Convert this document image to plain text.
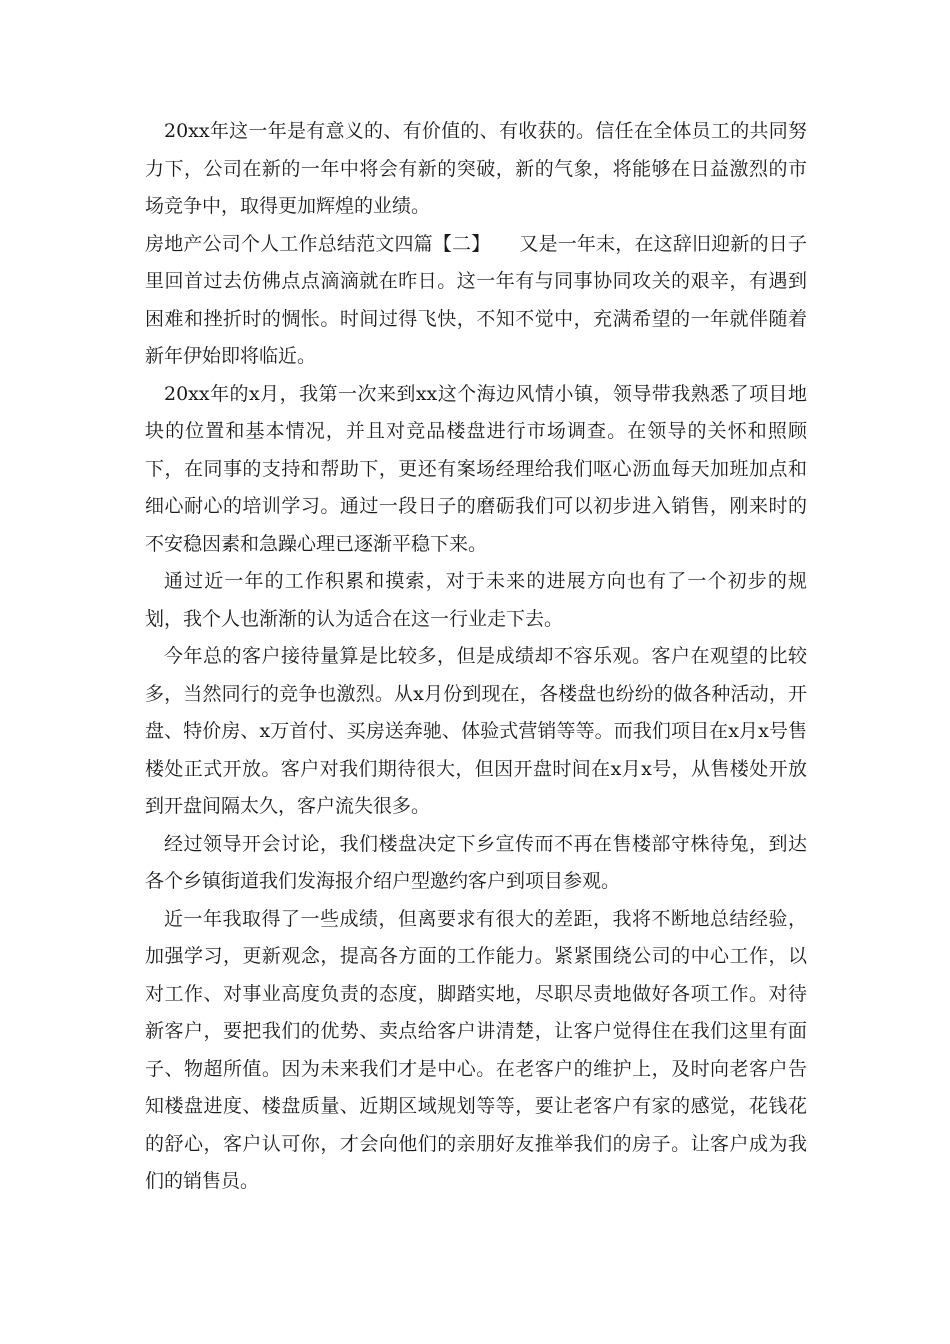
20xx年这一年是有意义的、有价值的、有收获的。信任在全体员工的共同努力下，公司在新的一年中将会有新的突破，新的气象，将能够在日益激烈的市场竞争中，取得更加辉煌的业绩。

房地产公司个人工作总结范文四篇【二】　　又是一年末，在这辞旧迎新的日子里回首过去仿佛点点滴滴就在昨日。这一年有与同事协同攻关的艰辛，有遇到困难和挫折时的惆怅。时间过得飞快，不知不觉中，充满希望的一年就伴随着新年伊始即将临近。

20xx年的x月，我第一次来到xx这个海边风情小镇，领导带我熟悉了项目地块的位置和基本情况，并且对竞品楼盘进行市场调查。在领导的关怀和照顾下，在同事的支持和帮助下，更还有案场经理给我们呕心沥血每天加班加点和细心耐心的培训学习。通过一段日子的磨砺我们可以初步进入销售，刚来时的不安稳因素和急躁心理已逐渐平稳下来。

通过近一年的工作积累和摸索，对于未来的进展方向也有了一个初步的规划，我个人也渐渐的认为适合在这一行业走下去。

今年总的客户接待量算是比较多，但是成绩却不容乐观。客户在观望的比较多，当然同行的竞争也激烈。从x月份到现在，各楼盘也纷纷的做各种活动，开盘、特价房、x万首付、买房送奔驰、体验式营销等等。而我们项目在x月x号售楼处正式开放。客户对我们期待很大，但因开盘时间在x月x号，从售楼处开放到开盘间隔太久，客户流失很多。

经过领导开会讨论，我们楼盘决定下乡宣传而不再在售楼部守株待兔，到达各个乡镇街道我们发海报介绍户型邀约客户到项目参观。

近一年我取得了一些成绩，但离要求有很大的差距，我将不断地总结经验，加强学习，更新观念，提高各方面的工作能力。紧紧围绕公司的中心工作，以对工作、对事业高度负责的态度，脚踏实地，尽职尽责地做好各项工作。对待新客户，要把我们的优势、卖点给客户讲清楚，让客户觉得住在我们这里有面子、物超所值。因为未来我们才是中心。在老客户的维护上，及时向老客户告知楼盘进度、楼盘质量、近期区域规划等等，要让老客户有家的感觉，花钱花的舒心，客户认可你，才会向他们的亲朋好友推举我们的房子。让客户成为我们的销售员。
